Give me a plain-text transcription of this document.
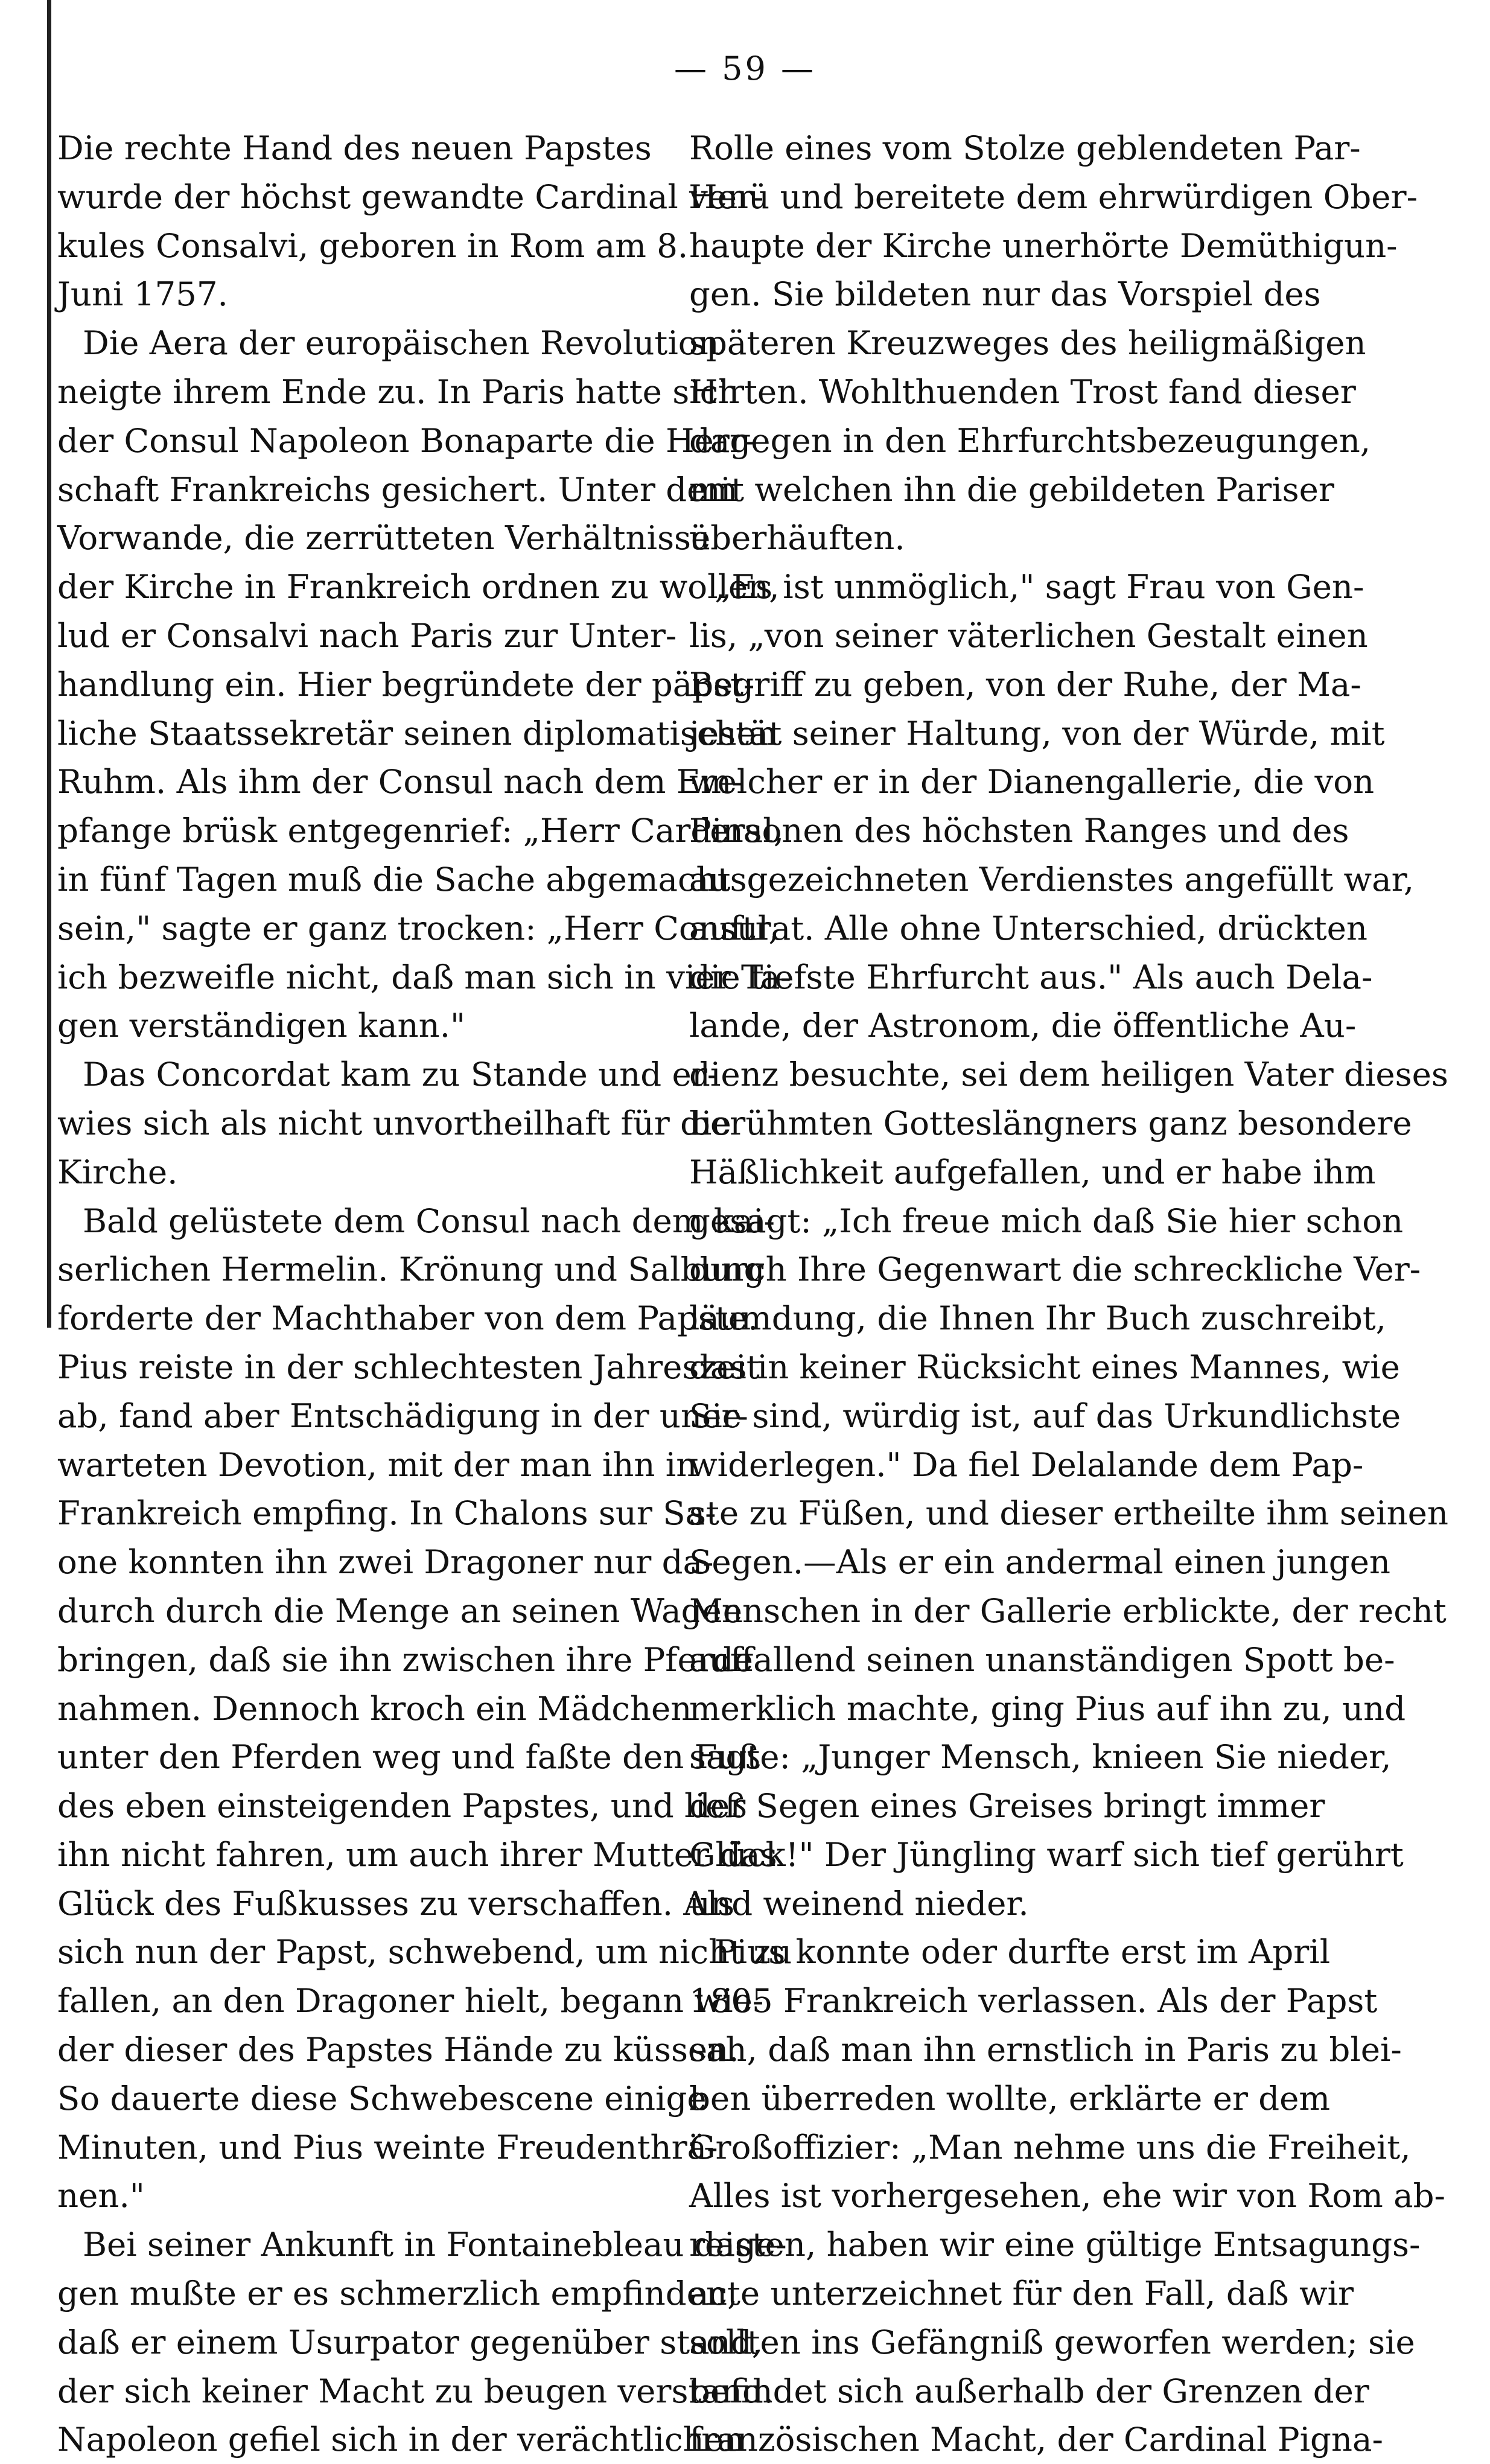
— 59 —
Die rechte Hand des neuen Papstes
wurde der höchst gewandte Cardinal Her-
kules Consalvi, geboren in Rom am 8.
Juni 1757.
Die Aera der europäischen Revolution
neigte ihrem Ende zu. In Paris hatte sich
der Consul Napoleon Bonaparte die Herr-
schaft Frankreichs gesichert. Unter dem
Vorwande, die zerrütteten Verhältnisse
der Kirche in Frankreich ordnen zu wollen,
lud er Consalvi nach Paris zur Unter-
handlung ein. Hier begründete der päpst-
liche Staatssekretär seinen diplomatischen
Ruhm. Als ihm der Consul nach dem Em-
pfange brüsk entgegenrief: „Herr Cardinal,
in fünf Tagen muß die Sache abgemacht
sein," sagte er ganz trocken: „Herr Consul,
ich bezweifle nicht, daß man sich in vier Ta-
gen verständigen kann."
Das Concordat kam zu Stande und er-
wies sich als nicht unvortheilhaft für die
Kirche.
Bald gelüstete dem Consul nach dem kai-
serlichen Hermelin. Krönung und Salbung
forderte der Machthaber von dem Papste.
Pius reiste in der schlechtesten Jahreszeit
ab, fand aber Entschädigung in der uner-
warteten Devotion, mit der man ihn in
Frankreich empfing. In Chalons sur Sa-
one konnten ihn zwei Dragoner nur da-
durch durch die Menge an seinen Wagen
bringen, daß sie ihn zwischen ihre Pferde
nahmen. Dennoch kroch ein Mädchen
unter den Pferden weg und faßte den Fuß
des eben einsteigenden Papstes, und ließ
ihn nicht fahren, um auch ihrer Mutter das
Glück des Fußkusses zu verschaffen. Als
sich nun der Papst, schwebend, um nicht zu
fallen, an den Dragoner hielt, begann wie-
der dieser des Papstes Hände zu küssen.
So dauerte diese Schwebescene einige
Minuten, und Pius weinte Freudenthrä-
nen."
Bei seiner Ankunft in Fontainebleau dage-
gen mußte er es schmerzlich empfinden,
daß er einem Usurpator gegenüber stand,
der sich keiner Macht zu beugen verstand.
Napoleon gefiel sich in der verächtlichen
Rolle eines vom Stolze geblendeten Par-
venü und bereitete dem ehrwürdigen Ober-
haupte der Kirche unerhörte Demüthigun-
gen. Sie bildeten nur das Vorspiel des
späteren Kreuzweges des heiligmäßigen
Hirten. Wohlthuenden Trost fand dieser
dagegen in den Ehrfurchtsbezeugungen,
mit welchen ihn die gebildeten Pariser
überhäuften.
„Es ist unmöglich," sagt Frau von Gen-
lis, „von seiner väterlichen Gestalt einen
Begriff zu geben, von der Ruhe, der Ma-
jestät seiner Haltung, von der Würde, mit
welcher er in der Dianengallerie, die von
Personen des höchsten Ranges und des
ausgezeichneten Verdienstes angefüllt war,
auftrat. Alle ohne Unterschied, drückten
die tiefste Ehrfurcht aus." Als auch Dela-
lande, der Astronom, die öffentliche Au-
dienz besuchte, sei dem heiligen Vater dieses
berühmten Gotteslängners ganz besondere
Häßlichkeit aufgefallen, und er habe ihm
gesagt: „Ich freue mich daß Sie hier schon
durch Ihre Gegenwart die schreckliche Ver-
läumdung, die Ihnen Ihr Buch zuschreibt,
das in keiner Rücksicht eines Mannes, wie
Sie sind, würdig ist, auf das Urkundlichste
widerlegen." Da fiel Delalande dem Pap-
ste zu Füßen, und dieser ertheilte ihm seinen
Segen.—Als er ein andermal einen jungen
Menschen in der Gallerie erblickte, der recht
auffallend seinen unanständigen Spott be-
merklich machte, ging Pius auf ihn zu, und
sagte: „Junger Mensch, knieen Sie nieder,
der Segen eines Greises bringt immer
Glück!" Der Jüngling warf sich tief gerührt
und weinend nieder.
Pius konnte oder durfte erst im April
1805 Frankreich verlassen. Als der Papst
sah, daß man ihn ernstlich in Paris zu blei-
ben überreden wollte, erklärte er dem
Großoffizier: „Man nehme uns die Freiheit,
Alles ist vorhergesehen, ehe wir von Rom ab-
reisten, haben wir eine gültige Entsagungs-
acte unterzeichnet für den Fall, daß wir
sollten ins Gefängniß geworfen werden; sie
befindet sich außerhalb der Grenzen der
französischen Macht, der Cardinal Pigna-
